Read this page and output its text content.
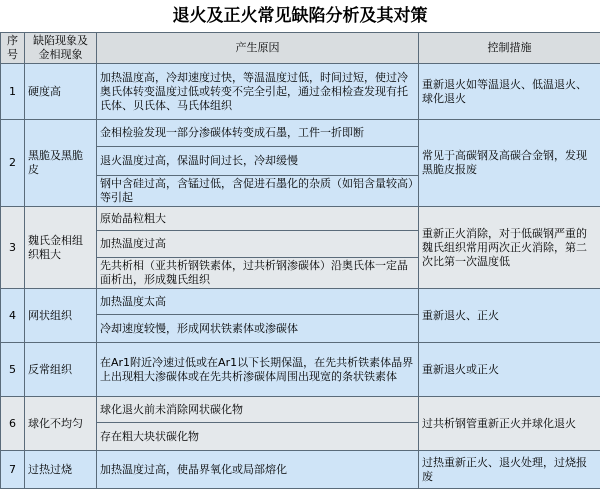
退火及正火常见缺陷分析及其对策
序号	缺陷现象及金相现象	产生原因	控制措施
1	硬度高	加热温度高，冷却速度过快，等温温度过低，时间过短，使过冷奥氏体转变温度过低或转变不完全引起，通过金相检查发现有托氏体、贝氏体、马氏体组织	重新退火如等温退火、低温退火、球化退火
2	黑脆及黑脆皮	金相检验发现一部分渗碳体转变成石墨，工件一折即断	常见于高碳钢及高碳合金钢，发现黑脆皮报废
		退火温度过高，保温时间过长，冷却缓慢	
		钢中含硅过高，含锰过低，含促进石墨化的杂质（如铝含量较高）等引起	
3	魏氏金相组织粗大	原始晶粒粗大	重新正火消除，对于低碳钢严重的魏氏组织常用两次正火消除，第二次比第一次温度低
		加热温度过高	
		先共析相（亚共析钢铁素体，过共析钢渗碳体）沿奥氏体一定晶面析出，形成魏氏组织	
4	网状组织	加热温度太高	重新退火、正火
		冷却速度较慢，形成网状铁素体或渗碳体	
5	反常组织	在Ar1附近冷速过低或在Ar1以下长期保温，在先共析铁素体晶界上出现粗大渗碳体或在先共析渗碳体周围出现宽的条状铁素体	重新退火或正火
6	球化不均匀	球化退火前未消除网状碳化物	过共析钢管重新正火并球化退火
		存在粗大块状碳化物	
7	过热过烧	加热温度过高，使晶界氧化或局部熔化	过热重新正火、退火处理，过烧报废
